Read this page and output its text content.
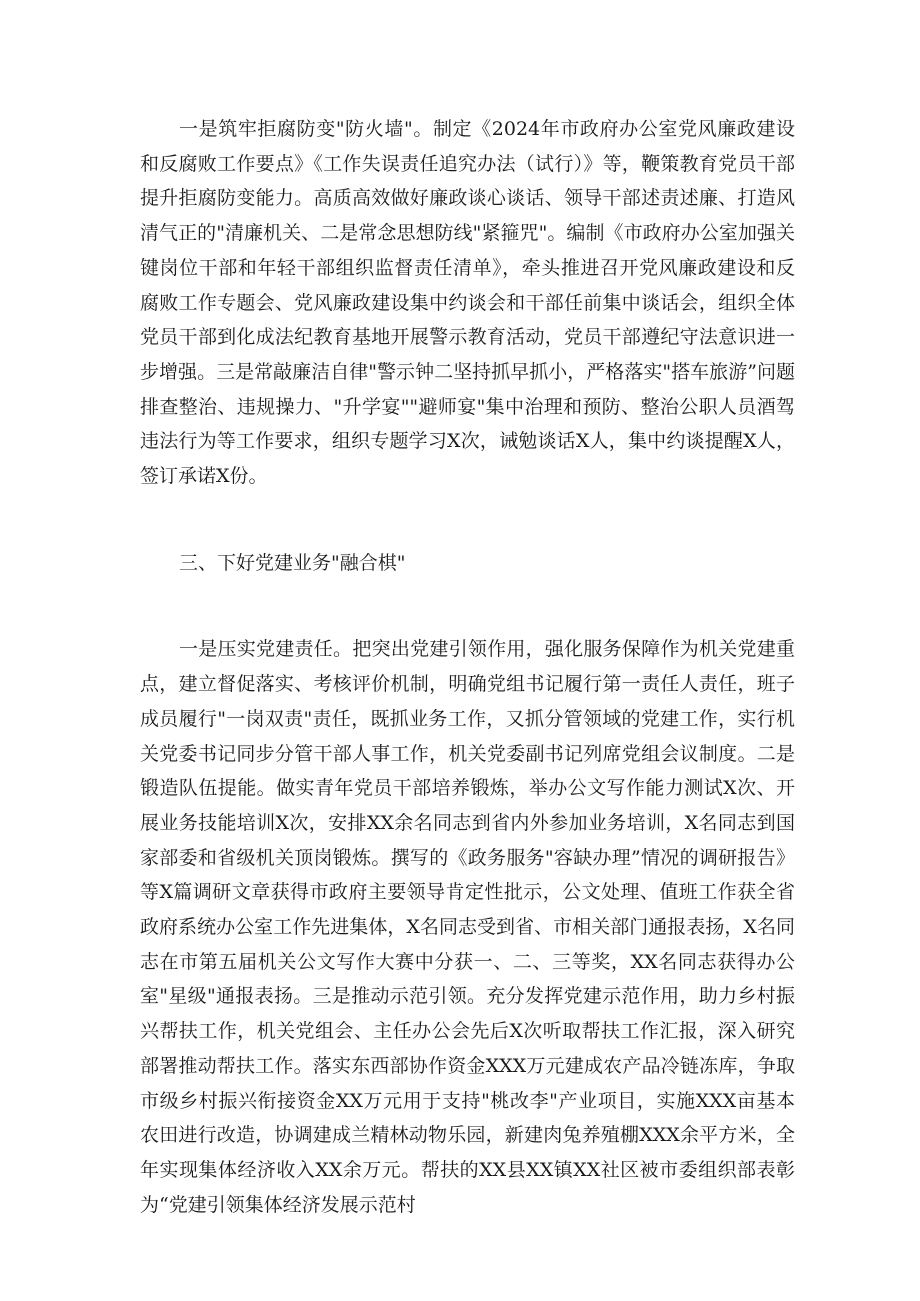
一是筑牢拒腐防变"防火墙"。制定《2024年市政府办公室党风廉政建设和反腐败工作要点》《工作失误责任追究办法（试行）》等，鞭策教育党员干部提升拒腐防变能力。高质高效做好廉政谈心谈话、领导干部述责述廉、打造风清气正的"清廉机关、二是常念思想防线"紧箍咒"。编制《市政府办公室加强关键岗位干部和年轻干部组织监督责任清单》，牵头推进召开党风廉政建设和反腐败工作专题会、党风廉政建设集中约谈会和干部任前集中谈话会，组织全体党员干部到化成法纪教育基地开展警示教育活动，党员干部遵纪守法意识进一步增强。三是常敲廉洁自律"警示钟二坚持抓早抓小，严格落实"搭车旅游”问题排查整治、违规操力、"升学宴""避师宴"集中治理和预防、整治公职人员酒驾违法行为等工作要求，组织专题学习X次，诫勉谈话X人，集中约谈提醒X人，签订承诺X份。

三、下好党建业务"融合棋"

一是压实党建责任。把突出党建引领作用，强化服务保障作为机关党建重点，建立督促落实、考核评价机制，明确党组书记履行第一责任人责任，班子成员履行"一岗双责"责任，既抓业务工作，又抓分管领域的党建工作，实行机关党委书记同步分管干部人事工作，机关党委副书记列席党组会议制度。二是锻造队伍提能。做实青年党员干部培养锻炼，举办公文写作能力测试X次、开展业务技能培训X次，安排XX余名同志到省内外参加业务培训，X名同志到国家部委和省级机关顶岗锻炼。撰写的《政务服务"容缺办理”情况的调研报告》等X篇调研文章获得市政府主要领导肯定性批示，公文处理、值班工作获全省政府系统办公室工作先进集体，X名同志受到省、市相关部门通报表扬，X名同志在市第五届机关公文写作大赛中分获一、二、三等奖，XX名同志获得办公室"星级"通报表扬。三是推动示范引领。充分发挥党建示范作用，助力乡村振兴帮扶工作，机关党组会、主任办公会先后X次听取帮扶工作汇报，深入研究部署推动帮扶工作。落实东西部协作资金XXX万元建成农产品冷链冻库，争取市级乡村振兴衔接资金XX万元用于支持"桃改李"产业项目，实施XXX亩基本农田进行改造，协调建成兰精林动物乐园，新建肉兔养殖棚XXX余平方米，全年实现集体经济收入XX余万元。帮扶的XX县XX镇XX社区被市委组织部表彰为“党建引领集体经济发展示范村
